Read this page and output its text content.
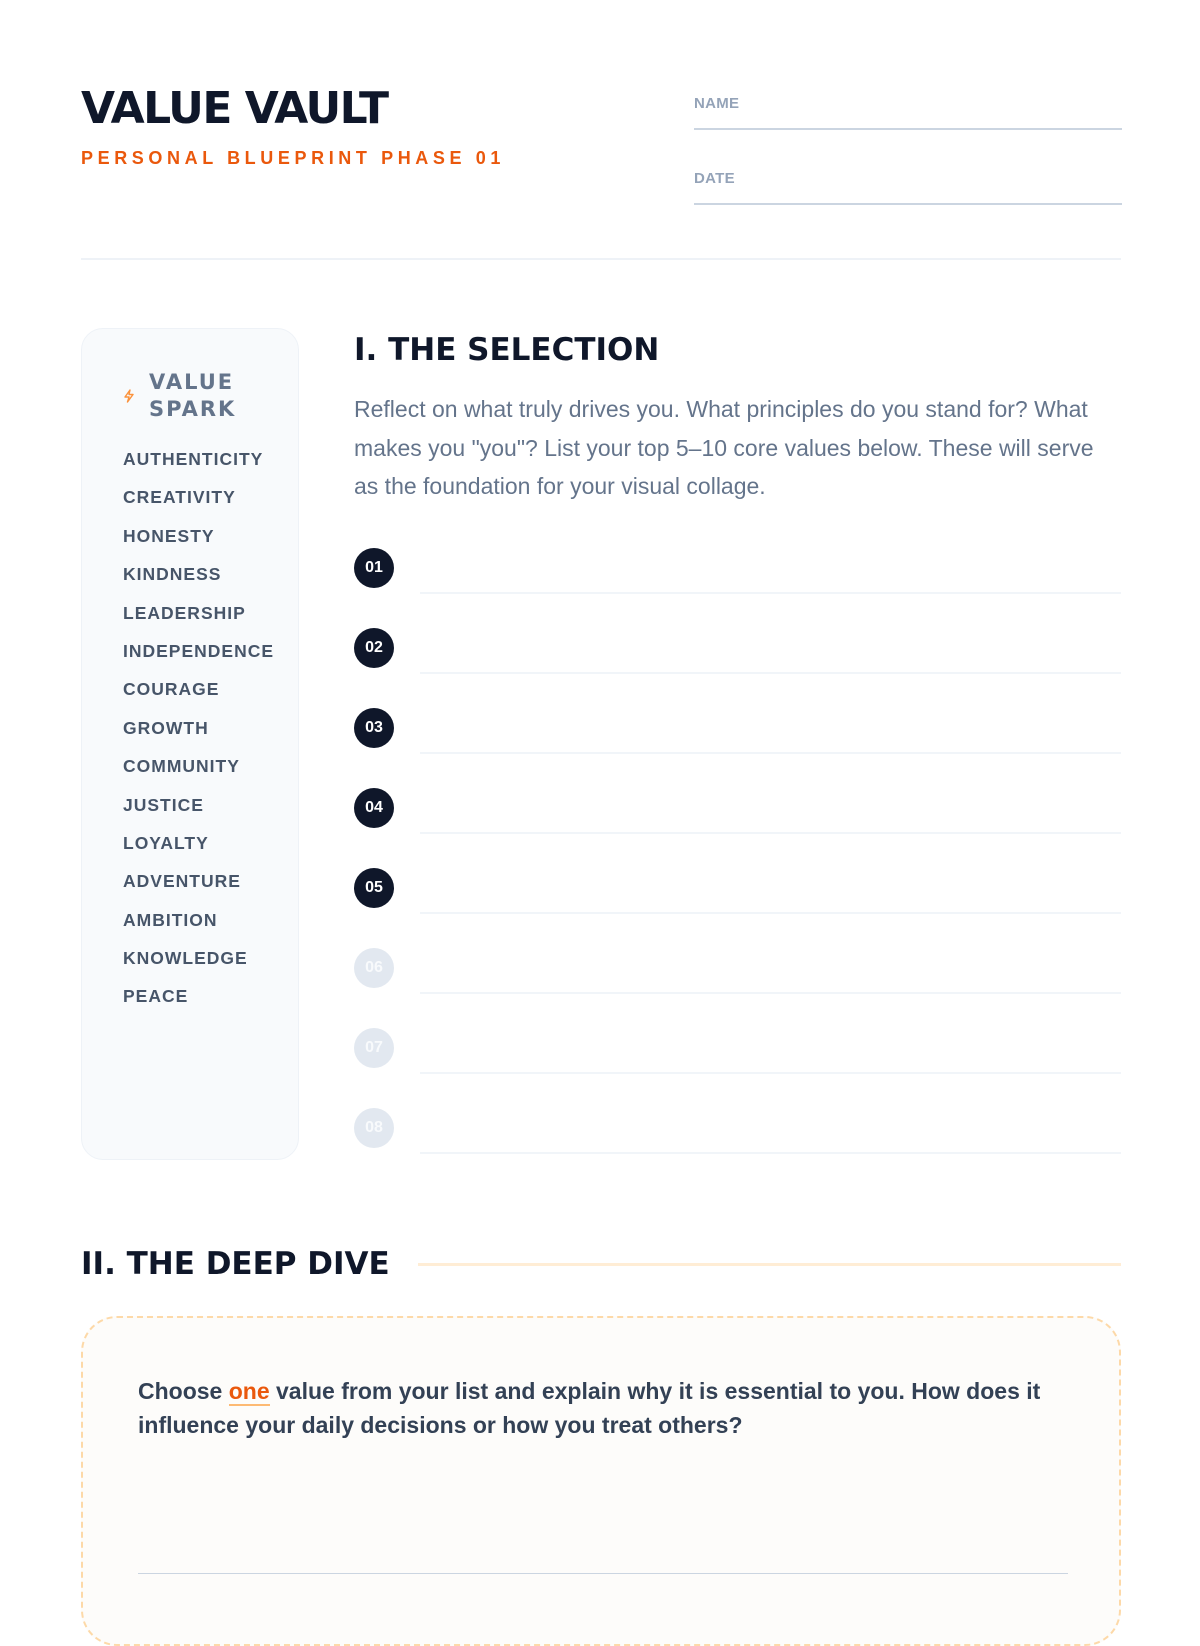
VALUE VAULT
PERSONAL BLUEPRINT PHASE 01
NAME
DATE
VALUE SPARK
AUTHENTICITY
CREATIVITY
HONESTY
KINDNESS
LEADERSHIP
INDEPENDENCE
COURAGE
GROWTH
COMMUNITY
JUSTICE
LOYALTY
ADVENTURE
AMBITION
KNOWLEDGE
PEACE
I. THE SELECTION

Reflect on what truly drives you. What principles do you stand for? What makes you "you"? List your top 5–10 core values below. These will serve as the foundation for your visual collage.

01
02
03
04
05
06
07
08
II. THE DEEP DIVE

Choose one value from your list and explain why it is essential to you. How does it influence your daily decisions or how you treat others?
